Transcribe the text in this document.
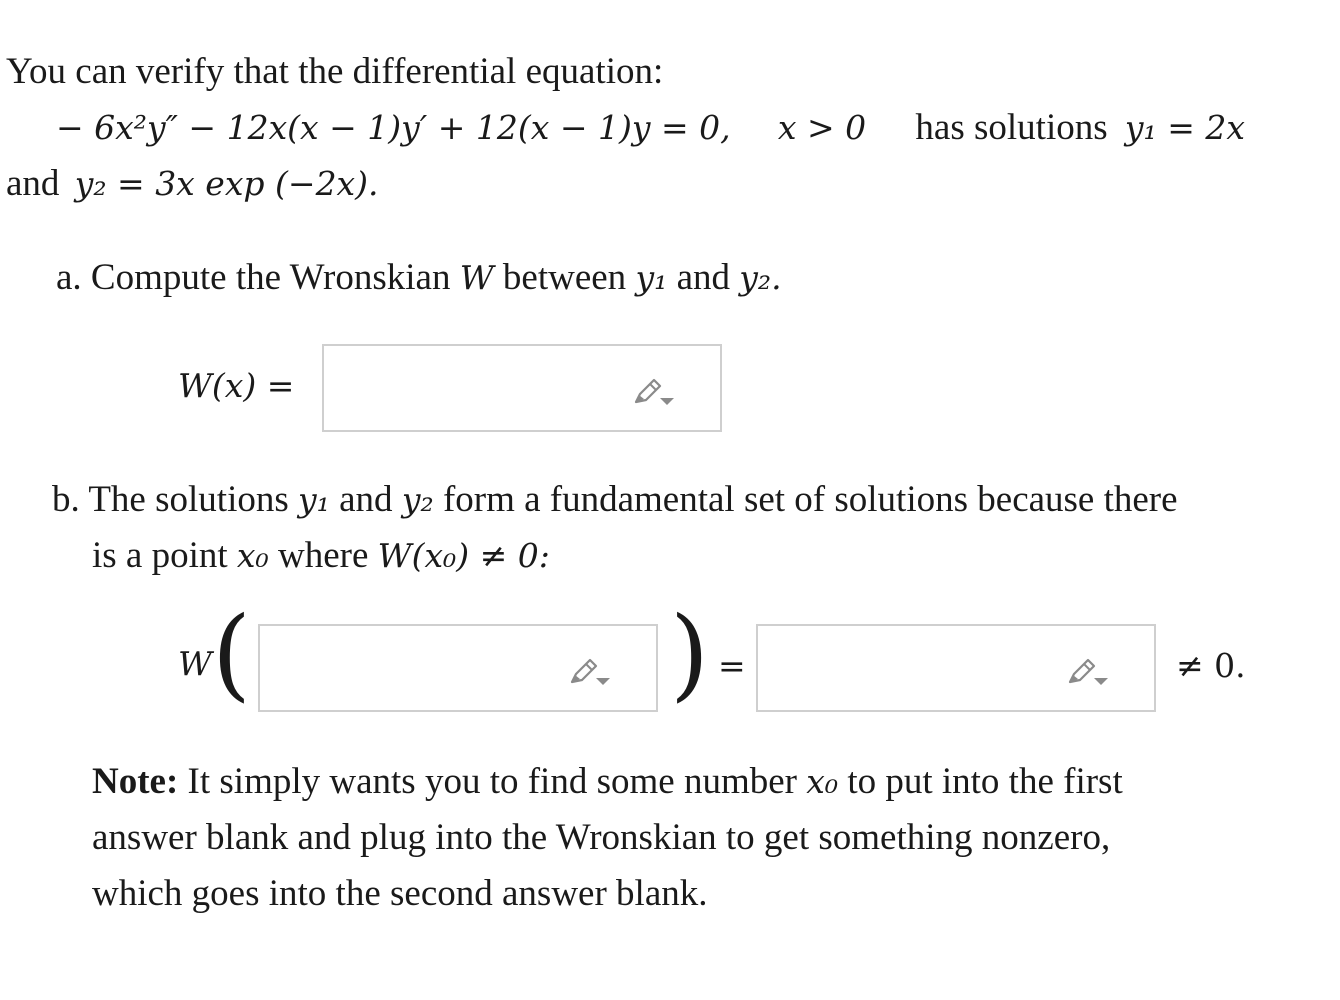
You can verify that the differential equation:
− 6x²y″ − 12x(x − 1)y′ + 12(x − 1)y = 0, x > 0 has solutions y₁ = 2x
and y₂ = 3x exp (−2x).
a. Compute the Wronskian W between y₁ and y₂.
W(x) =
b. The solutions y₁ and y₂ form a fundamental set of solutions because there
is a point x₀ where W(x₀) ≠ 0:
W (	) =	≠ 0.
Note: It simply wants you to find some number x₀ to put into the first
answer blank and plug into the Wronskian to get something nonzero,
which goes into the second answer blank.
